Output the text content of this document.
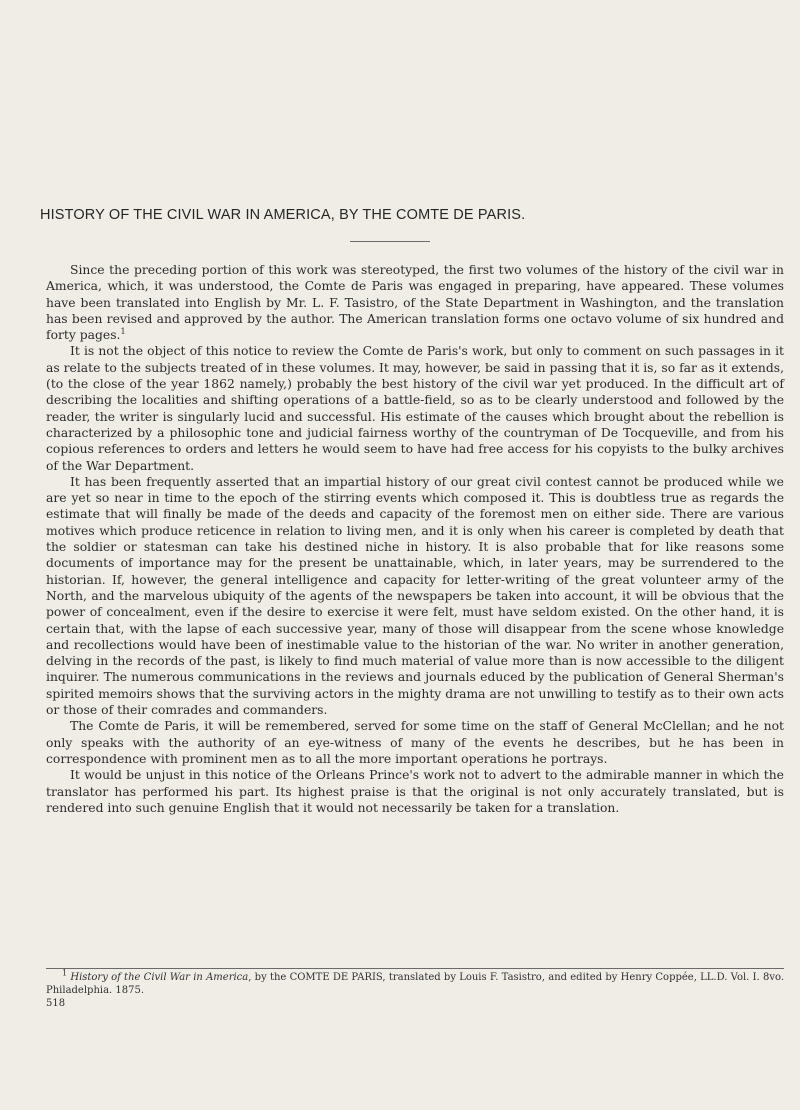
HISTORY OF THE CIVIL WAR IN AMERICA, BY THE COMTE DE PARIS.

Since the preceding portion of this work was stereotyped, the first two volumes of the history of the civil war in America, which, it was understood, the Comte de Paris was engaged in preparing, have appeared. These volumes have been translated into English by Mr. L. F. Tasistro, of the State Department in Washington, and the translation has been revised and approved by the author. The American translation forms one octavo volume of six hundred and forty pages.$^1$

It is not the object of this notice to review the Comte de Paris's work, but only to comment on such passages in it as relate to the subjects treated of in these volumes. It may, however, be said in passing that it is, so far as it extends, (to the close of the year 1862 namely,) probably the best history of the civil war yet produced. In the difficult art of describing the localities and shifting operations of a battle-field, so as to be clearly understood and followed by the reader, the writer is singularly lucid and successful. His estimate of the causes which brought about the rebellion is characterized by a philosophic tone and judicial fairness worthy of the countryman of De Tocqueville, and from his copious references to orders and letters he would seem to have had free access for his copyists to the bulky archives of the War Department.

It has been frequently asserted that an impartial history of our great civil contest cannot be produced while we are yet so near in time to the epoch of the stirring events which composed it. This is doubtless true as regards the estimate that will finally be made of the deeds and capacity of the foremost men on either side. There are various motives which produce reticence in relation to living men, and it is only when his career is completed by death that the soldier or statesman can take his destined niche in history. It is also probable that for like reasons some documents of importance may for the present be unattainable, which, in later years, may be surrendered to the historian. If, however, the general intelligence and capacity for letter-writing of the great volunteer army of the North, and the marvelous ubiquity of the agents of the newspapers be taken into account, it will be obvious that the power of concealment, even if the desire to exercise it were felt, must have seldom existed. On the other hand, it is certain that, with the lapse of each successive year, many of those will disappear from the scene whose knowledge and recollections would have been of inestimable value to the historian of the war. No writer in another generation, delving in the records of the past, is likely to find much material of value more than is now accessible to the diligent inquirer. The numerous communications in the reviews and journals educed by the publication of General Sherman's spirited memoirs shows that the surviving actors in the mighty drama are not unwilling to testify as to their own acts or those of their comrades and commanders.

The Comte de Paris, it will be remembered, served for some time on the staff of General McClellan; and he not only speaks with the authority of an eye-witness of many of the events he describes, but he has been in correspondence with prominent men as to all the more important operations he portrays.

It would be unjust in this notice of the Orleans Prince's work not to advert to the admirable manner in which the translator has performed his part. Its highest praise is that the original is not only accurately translated, but is rendered into such genuine English that it would not necessarily be taken for a translation.

$^1$ History of the Civil War in America, by the COMTE DE PARIS, translated by Louis F. Tasistro, and edited by Henry Coppée, LL.D. Vol. I. 8vo. Philadelphia. 1875.

518
